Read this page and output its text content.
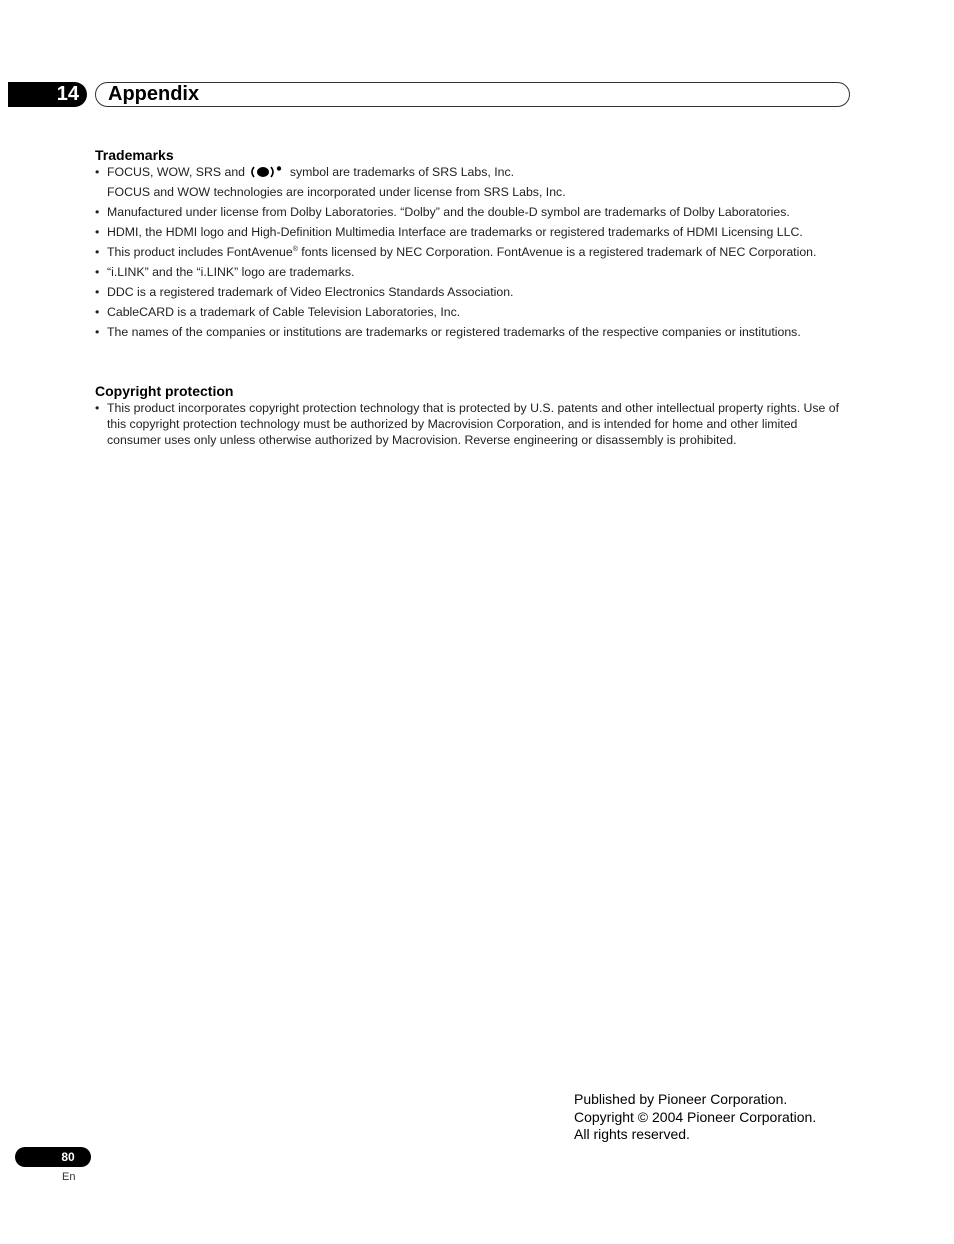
14 Appendix
Trademarks
• FOCUS, WOW, SRS and	symbol are trademarks of SRS Labs, Inc.
FOCUS and WOW technologies are incorporated under license from SRS Labs, Inc.
• Manufactured under license from Dolby Laboratories. “Dolby” and the double-D symbol are trademarks of Dolby Laboratories.
• HDMI, the HDMI logo and High-Definition Multimedia Interface are trademarks or registered trademarks of HDMI Licensing LLC.
• This product includes FontAvenue® fonts licensed by NEC Corporation. FontAvenue is a registered trademark of NEC Corporation.
• “i.LINK” and the “i.LINK” logo are trademarks.
• DDC is a registered trademark of Video Electronics Standards Association.
• CableCARD is a trademark of Cable Television Laboratories, Inc.
• The names of the companies or institutions are trademarks or registered trademarks of the respective companies or institutions.
Copyright protection
• This product incorporates copyright protection technology that is protected by U.S. patents and other intellectual property rights. Use of this copyright protection technology must be authorized by Macrovision Corporation, and is intended for home and other limited consumer uses only unless otherwise authorized by Macrovision. Reverse engineering or disassembly is prohibited.
Published by Pioneer Corporation.
Copyright © 2004 Pioneer Corporation.
All rights reserved.
80
En
